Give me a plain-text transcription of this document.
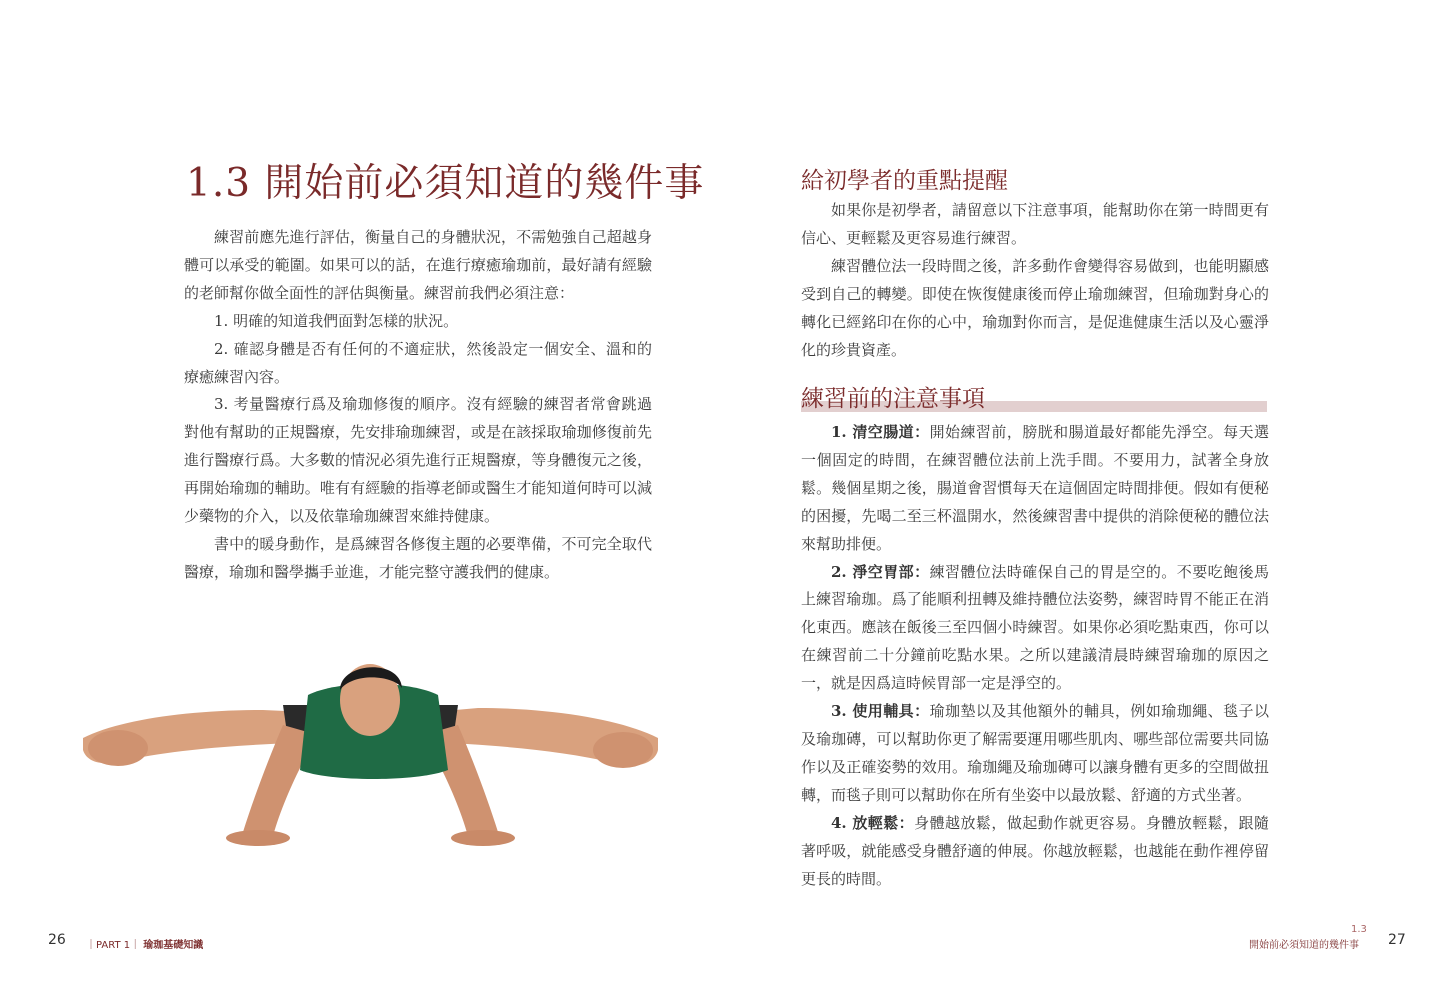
1.3 開始前必須知道的幾件事

練習前應先進行評估，衡量自己的身體狀況，不需勉強自己超越身體可以承受的範圍。如果可以的話，在進行療癒瑜珈前，最好請有經驗的老師幫你做全面性的評估與衡量。練習前我們必須注意：

1. 明確的知道我們面對怎樣的狀況。

2. 確認身體是否有任何的不適症狀，然後設定一個安全、溫和的療癒練習內容。

3. 考量醫療行爲及瑜珈修復的順序。沒有經驗的練習者常會跳過對他有幫助的正規醫療，先安排瑜珈練習，或是在該採取瑜珈修復前先進行醫療行爲。大多數的情況必須先進行正規醫療，等身體復元之後，再開始瑜珈的輔助。唯有有經驗的指導老師或醫生才能知道何時可以減少藥物的介入，以及依靠瑜珈練習來維持健康。

書中的暖身動作，是爲練習各修復主題的必要準備，不可完全取代醫療，瑜珈和醫學攜手並進，才能完整守護我們的健康。

26 ｜PART 1｜ 瑜珈基礎知識
給初學者的重點提醒

如果你是初學者，請留意以下注意事項，能幫助你在第一時間更有信心、更輕鬆及更容易進行練習。

練習體位法一段時間之後，許多動作會變得容易做到，也能明顯感受到自己的轉變。即使在恢復健康後而停止瑜珈練習，但瑜珈對身心的轉化已經銘印在你的心中，瑜珈對你而言，是促進健康生活以及心靈淨化的珍貴資產。

練習前的注意事項

1. 清空腸道：開始練習前，膀胱和腸道最好都能先淨空。每天選一個固定的時間，在練習體位法前上洗手間。不要用力，試著全身放鬆。幾個星期之後，腸道會習慣每天在這個固定時間排便。假如有便秘的困擾，先喝二至三杯溫開水，然後練習書中提供的消除便秘的體位法來幫助排便。

2. 淨空胃部：練習體位法時確保自己的胃是空的。不要吃飽後馬上練習瑜珈。爲了能順利扭轉及維持體位法姿勢，練習時胃不能正在消化東西。應該在飯後三至四個小時練習。如果你必須吃點東西，你可以在練習前二十分鐘前吃點水果。之所以建議清晨時練習瑜珈的原因之一，就是因爲這時候胃部一定是淨空的。

3. 使用輔具：瑜珈墊以及其他額外的輔具，例如瑜珈繩、毯子以及瑜珈磚，可以幫助你更了解需要運用哪些肌肉、哪些部位需要共同協作以及正確姿勢的效用。瑜珈繩及瑜珈磚可以讓身體有更多的空間做扭轉，而毯子則可以幫助你在所有坐姿中以最放鬆、舒適的方式坐著。

4. 放輕鬆：身體越放鬆，做起動作就更容易。身體放輕鬆，跟隨著呼吸，就能感受身體舒適的伸展。你越放輕鬆，也越能在動作裡停留更長的時間。

1.3
開始前必須知道的幾件事 27
